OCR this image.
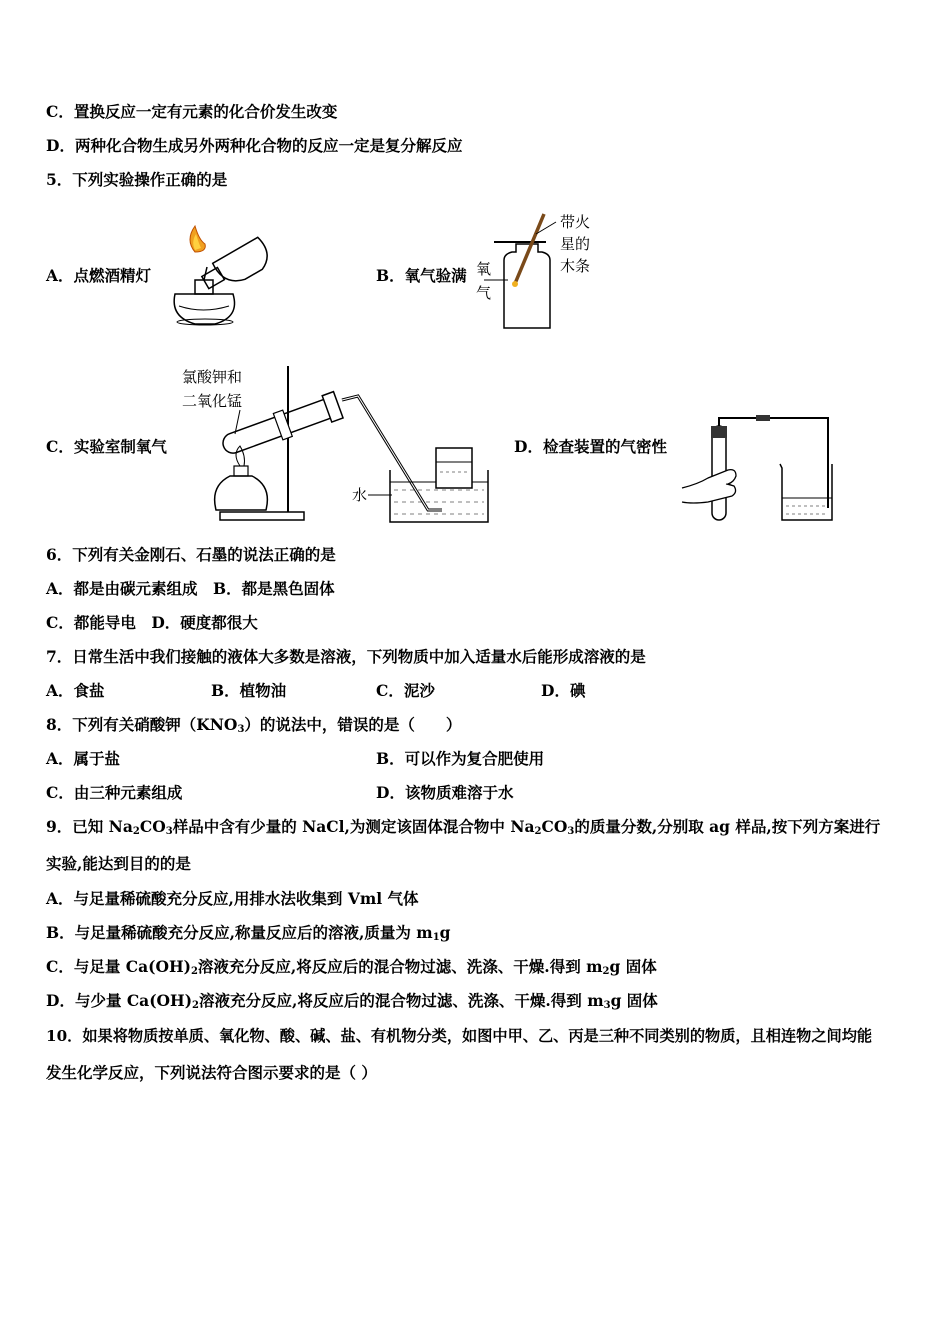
C．置换反应一定有元素的化合价发生改变
D．两种化合物生成另外两种化合物的反应一定是复分解反应
5．下列实验操作正确的是
A．点燃酒精灯	B．氧气验满
C．实验室制氧气	D．检查装置的气密性
带火
星的
木条
氧
气
氯酸钾和
二氧化锰
水
6．下列有关金刚石、石墨的说法正确的是
A．都是由碳元素组成　B．都是黑色固体
C．都能导电　D．硬度都很大
7．日常生活中我们接触的液体大多数是溶液，下列物质中加入适量水后能形成溶液的是
A．食盐	B．植物油	C．泥沙	D．碘
8．下列有关硝酸钾$(KNO_3)$的说法中，错误的是（　　）
A．属于盐	B．可以作为复合肥使用
C．由三种元素组成	D．该物质难溶于水
9．已知 $Na_2CO_3$样品中含有少量的 NaCl,为测定该固体混合物中 $Na_2CO_3$的质量分数,分别取 ag 样品,按下列方案进行
实验,能达到目的的是
A．与足量稀硫酸充分反应,用排水法收集到 Vml 气体
B．与足量稀硫酸充分反应,称量反应后的溶液,质量为 $m_1g$
C．与足量 $Ca(OH)_2$溶液充分反应,将反应后的混合物过滤、洗涤、干燥.得到 $m_2g$ 固体
D．与少量 $Ca(OH)_2$溶液充分反应,将反应后的混合物过滤、洗涤、干燥.得到 $m_3g$ 固体
10．如果将物质按单质、氧化物、酸、碱、盐、有机物分类，如图中甲、乙、丙是三种不同类别的物质，且相连物之间均能
发生化学反应，下列说法符合图示要求的是（ ）
